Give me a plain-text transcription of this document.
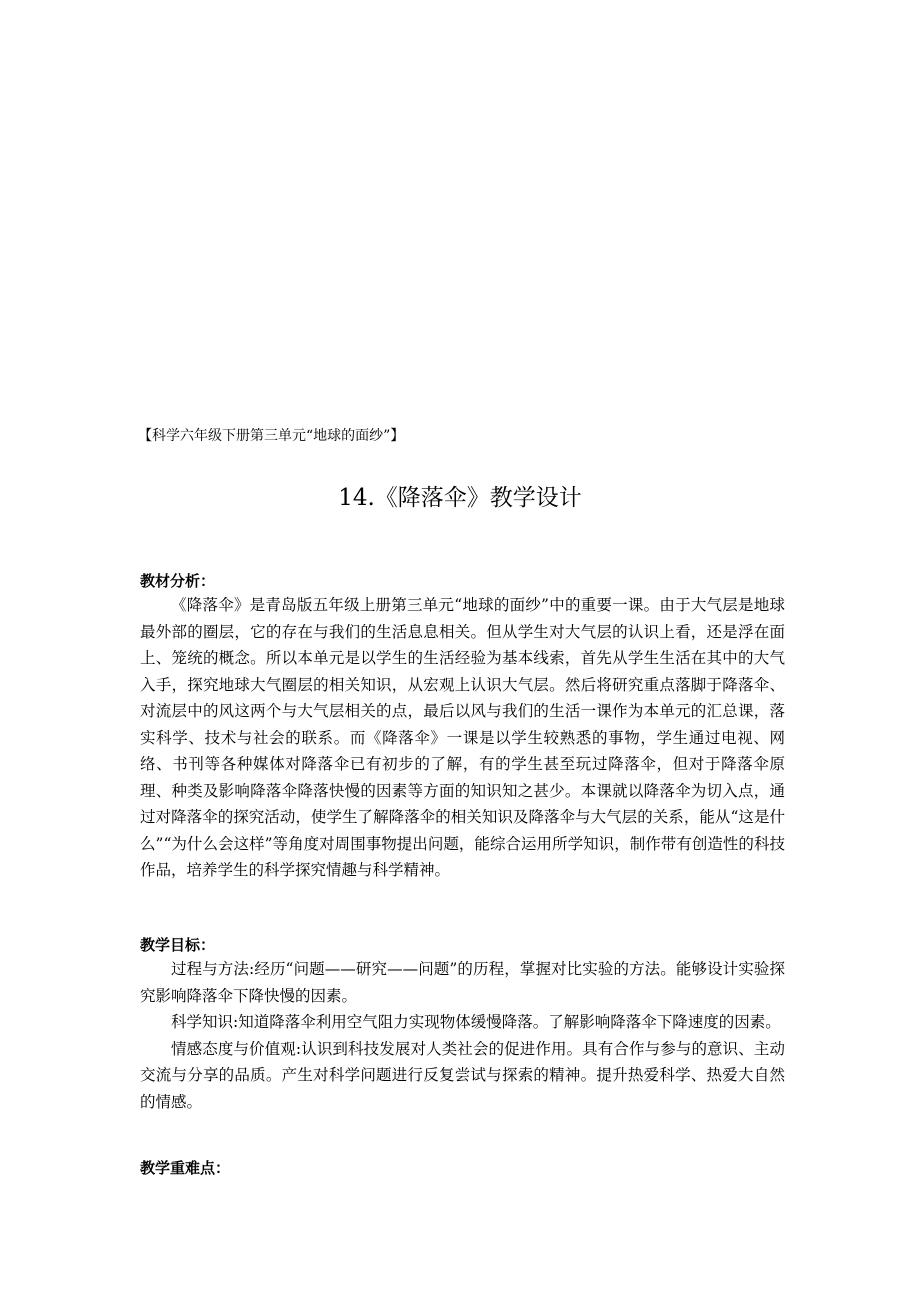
【科学六年级下册第三单元“地球的面纱”】
14.《降落伞》教学设计
教材分析：

《降落伞》是青岛版五年级上册第三单元“地球的面纱”中的重要一课。由于大气层是地球最外部的圈层，它的存在与我们的生活息息相关。但从学生对大气层的认识上看，还是浮在面上、笼统的概念。所以本单元是以学生的生活经验为基本线索，首先从学生生活在其中的大气入手，探究地球大气圈层的相关知识，从宏观上认识大气层。然后将研究重点落脚于降落伞、对流层中的风这两个与大气层相关的点，最后以风与我们的生活一课作为本单元的汇总课，落实科学、技术与社会的联系。而《降落伞》一课是以学生较熟悉的事物，学生通过电视、网络、书刊等各种媒体对降落伞已有初步的了解，有的学生甚至玩过降落伞，但对于降落伞原理、种类及影响降落伞降落快慢的因素等方面的知识知之甚少。本课就以降落伞为切入点，通过对降落伞的探究活动，使学生了解降落伞的相关知识及降落伞与大气层的关系，能从“这是什么”“为什么会这样”等角度对周围事物提出问题，能综合运用所学知识，制作带有创造性的科技作品，培养学生的科学探究情趣与科学精神。

教学目标：

过程与方法:经历“问题——研究——问题”的历程，掌握对比实验的方法。能够设计实验探究影响降落伞下降快慢的因素。

科学知识:知道降落伞利用空气阻力实现物体缓慢降落。了解影响降落伞下降速度的因素。

情感态度与价值观:认识到科技发展对人类社会的促进作用。具有合作与参与的意识、主动交流与分享的品质。产生对科学问题进行反复尝试与探索的精神。提升热爱科学、热爱大自然的情感。

教学重难点：
